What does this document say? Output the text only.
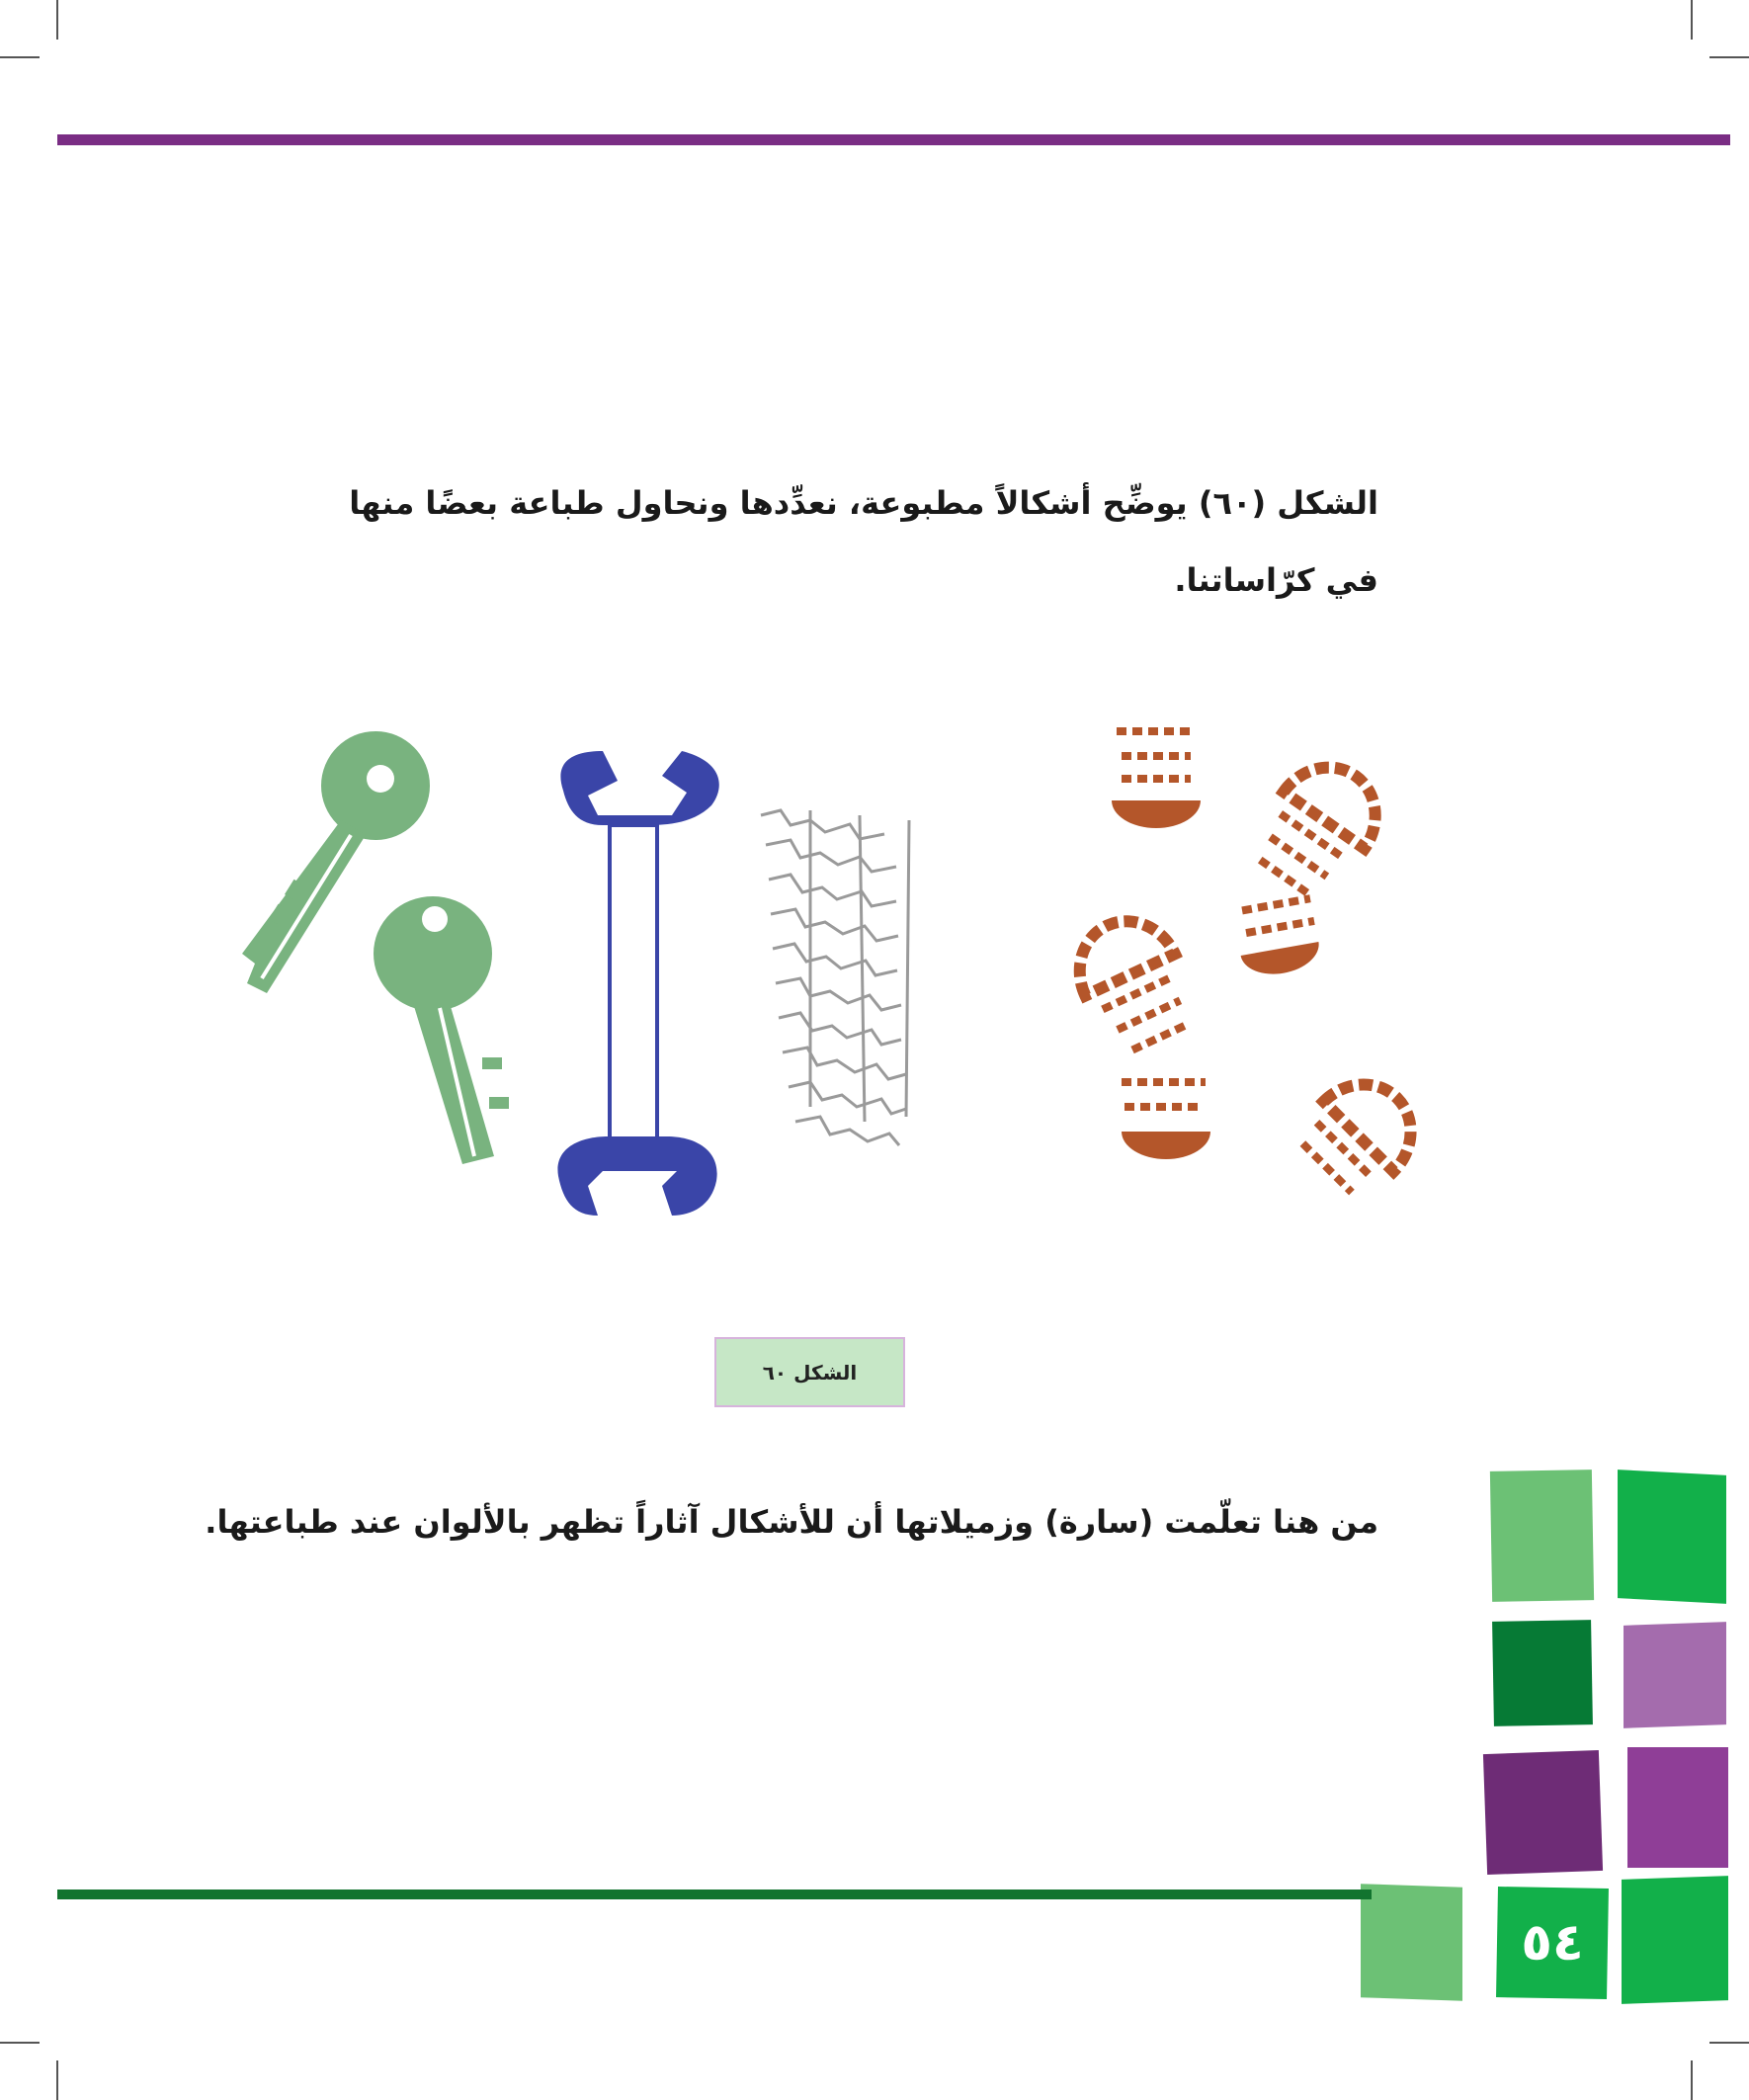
الشكل (٦٠) يوضِّح أشكالاً مطبوعة، نعدِّدها ونحاول طباعة بعضًا منها في كرّاساتنا.
الشكل ٦٠
من هنا تعلّمت (سارة) وزميلاتها أن للأشكال آثاراً تظهر بالألوان عند طباعتها.
٥٤
